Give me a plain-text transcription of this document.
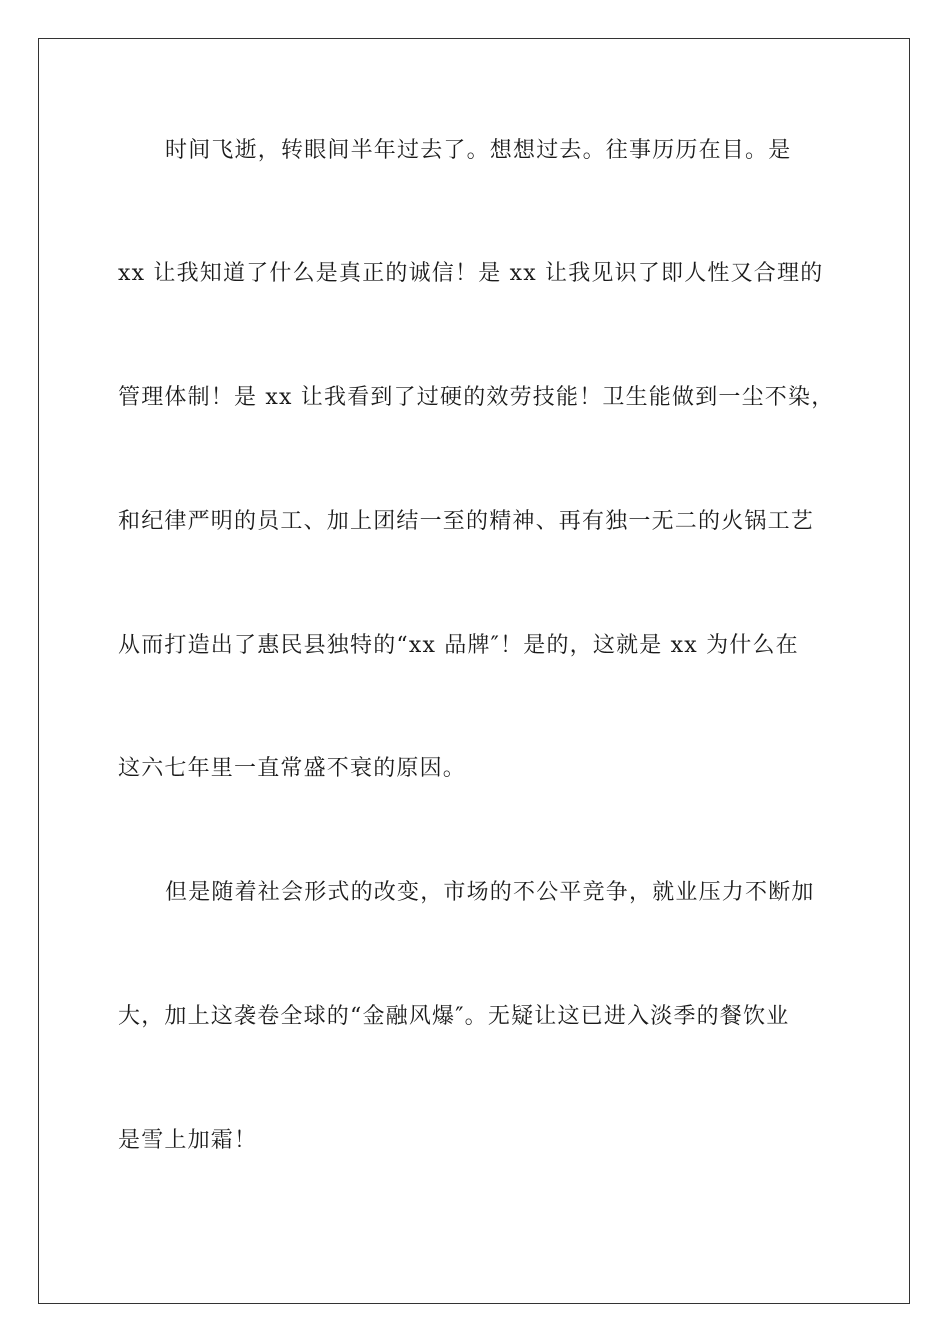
时间飞逝，转眼间半年过去了。想想过去。往事历历在目。是
xx 让我知道了什么是真正的诚信！是 xx 让我见识了即人性又合理的
管理体制！是 xx 让我看到了过硬的效劳技能！卫生能做到一尘不染，
和纪律严明的员工、加上团结一至的精神、再有独一无二的火锅工艺
从而打造出了惠民县独特的“xx 品牌″！是的，这就是 xx 为什么在
这六七年里一直常盛不衰的原因。
但是随着社会形式的改变，市场的不公平竞争，就业压力不断加
大，加上这袭卷全球的“金融风爆″。无疑让这已进入淡季的餐饮业
是雪上加霜！
